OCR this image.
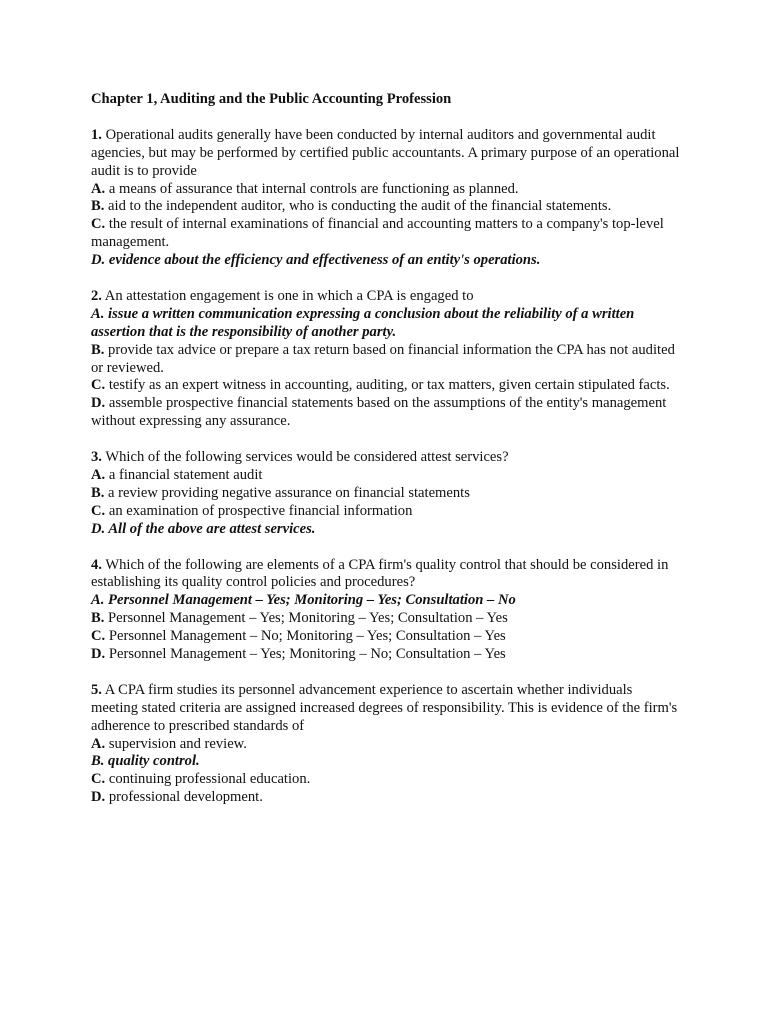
Chapter 1, Auditing and the Public Accounting Profession

1. Operational audits generally have been conducted by internal auditors and governmental audit agencies, but may be performed by certified public accountants. A primary purpose of an operational audit is to provide

A. a means of assurance that internal controls are functioning as planned.

B. aid to the independent auditor, who is conducting the audit of the financial statements.

C. the result of internal examinations of financial and accounting matters to a company's top-level management.

D. evidence about the efficiency and effectiveness of an entity's operations.

2. An attestation engagement is one in which a CPA is engaged to

A. issue a written communication expressing a conclusion about the reliability of a written assertion that is the responsibility of another party.

B. provide tax advice or prepare a tax return based on financial information the CPA has not audited or reviewed.

C. testify as an expert witness in accounting, auditing, or tax matters, given certain stipulated facts.

D. assemble prospective financial statements based on the assumptions of the entity's management without expressing any assurance.

3. Which of the following services would be considered attest services?

A. a financial statement audit

B. a review providing negative assurance on financial statements

C. an examination of prospective financial information

D. All of the above are attest services.

4. Which of the following are elements of a CPA firm's quality control that should be considered in establishing its quality control policies and procedures?

A. Personnel Management – Yes; Monitoring – Yes; Consultation – No

B. Personnel Management – Yes; Monitoring – Yes; Consultation – Yes

C. Personnel Management – No; Monitoring – Yes; Consultation – Yes

D. Personnel Management – Yes; Monitoring – No; Consultation – Yes

5. A CPA firm studies its personnel advancement experience to ascertain whether individuals meeting stated criteria are assigned increased degrees of responsibility. This is evidence of the firm's adherence to prescribed standards of

A. supervision and review.

B. quality control.

C. continuing professional education.

D. professional development.
